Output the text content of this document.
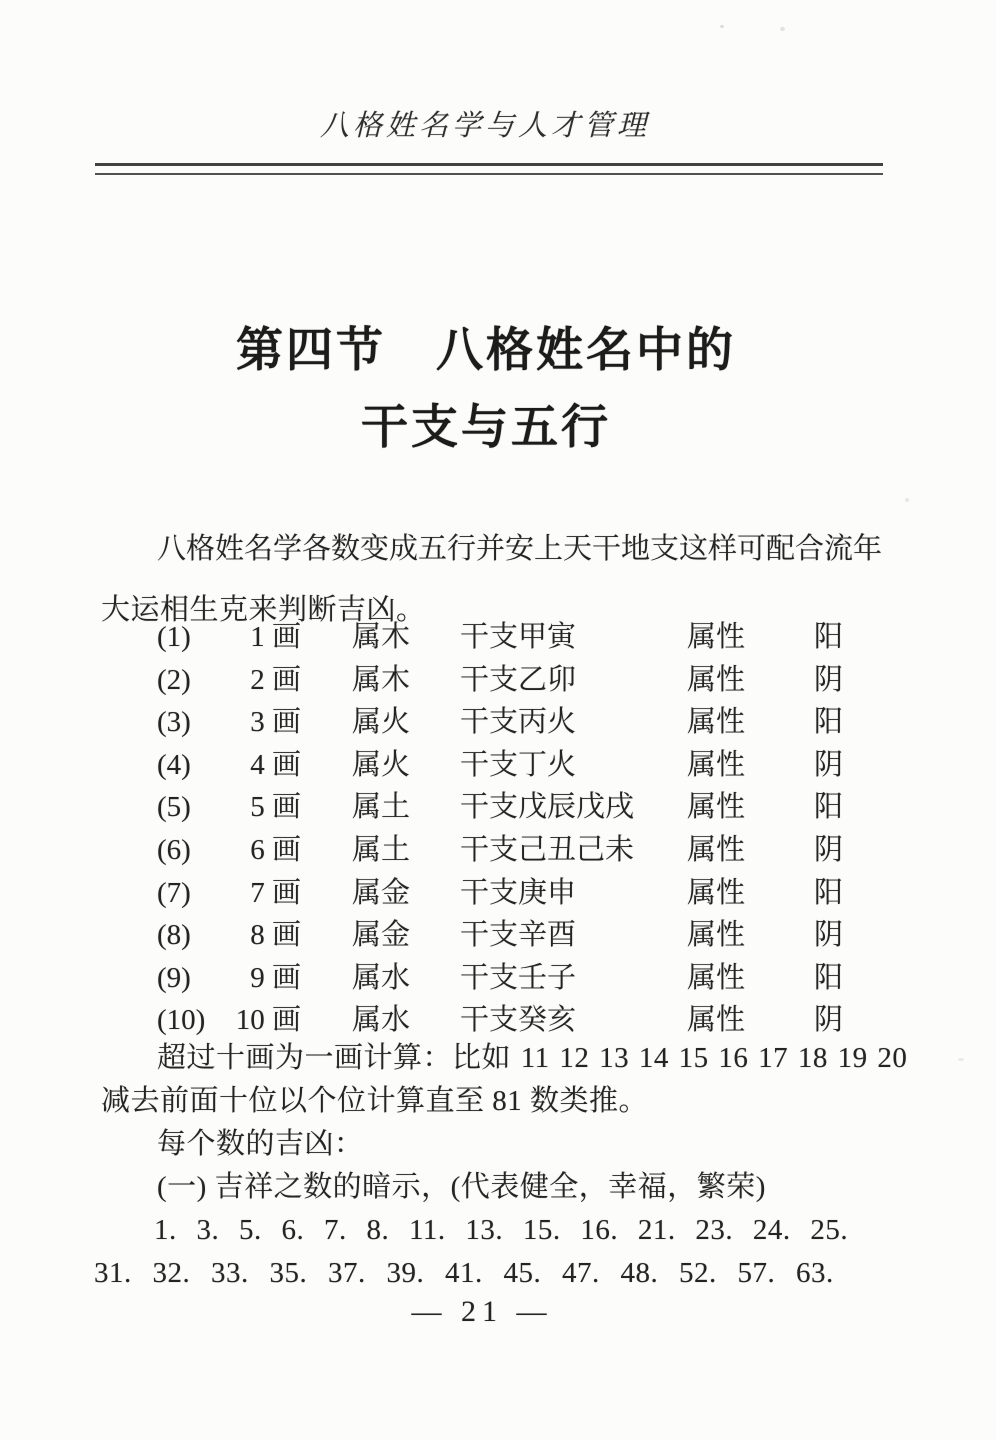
八格姓名学与人才管理
第四节　八格姓名中的
干支与五行
八格姓名学各数变成五行并安上天干地支这样可配合流年
大运相生克来判断吉凶。
(1)	1 画 属木 干支甲寅	属性 阳
(2)	2 画 属木 干支乙卯	属性 阴
(3)	3 画 属火 干支丙火	属性 阳
(4)	4 画 属火 干支丁火	属性 阴
(5)	5 画 属土 干支戊辰戊戌 属性 阳
(6)	6 画 属土 干支己丑己未 属性 阴
(7)	7 画 属金 干支庚申	属性 阳
(8)	8 画 属金 干支辛酉	属性 阴
(9)	9 画 属水 干支壬子	属性 阳
(10)	10 画 属水 干支癸亥	属性 阴
超过十画为一画计算：比如 11 12 13 14 15 16 17 18 19 20
减去前面十位以个位计算直至 81 数类推。
每个数的吉凶：
(一) 吉祥之数的暗示，(代表健全，幸福，繁荣)
1. 3. 5. 6. 7. 8. 11. 13. 15. 16. 21. 23. 24. 25.
31. 32. 33. 35. 37. 39. 41. 45. 47. 48. 52. 57. 63.
— 21 —
